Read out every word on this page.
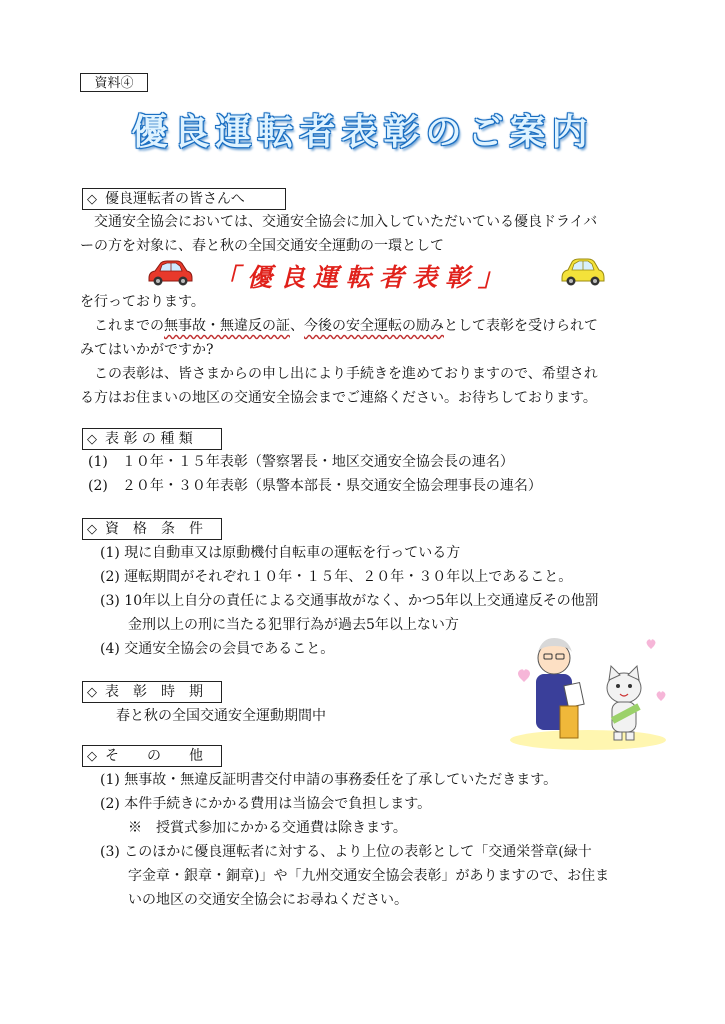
資料④
優良運転者表彰のご案内
◇ 優良運転者の皆さんへ
　交通安全協会においては、交通安全協会に加入していただいている優良ドライバ
ーの方を対象に、春と秋の全国交通安全運動の一環として
「優良運転者表彰」
を行っております。
　これまでの無事故・無違反の証、今後の安全運転の励みとして表彰を受けられて
みてはいかがですか?
　この表彰は、皆さまからの申し出により手続きを進めておりますので、希望され
る方はお住まいの地区の交通安全協会までご連絡ください。お待ちしております。
◇ 表 彰 の 種 類
(1)　１０年・１５年表彰（警察署長・地区交通安全協会長の連名）
(2)　２０年・３０年表彰（県警本部長・県交通安全協会理事長の連名）
◇ 資　格　条　件
(1) 現に自動車又は原動機付自転車の運転を行っている方
(2) 運転期間がそれぞれ１０年・１５年、２０年・３０年以上であること。
(3) 10年以上自分の責任による交通事故がなく、かつ5年以上交通違反その他罰
金刑以上の刑に当たる犯罪行為が過去5年以上ない方
(4) 交通安全協会の会員であること。
◇ 表　彰　時　期
春と秋の全国交通安全運動期間中
◇ そ　　の　　他
(1) 無事故・無違反証明書交付申請の事務委任を了承していただきます。
(2) 本件手続きにかかる費用は当協会で負担します。
※　授賞式参加にかかる交通費は除きます。
(3) このほかに優良運転者に対する、より上位の表彰として「交通栄誉章(緑十
字金章・銀章・銅章)」や「九州交通安全協会表彰」がありますので、お住ま
いの地区の交通安全協会にお尋ねください。
